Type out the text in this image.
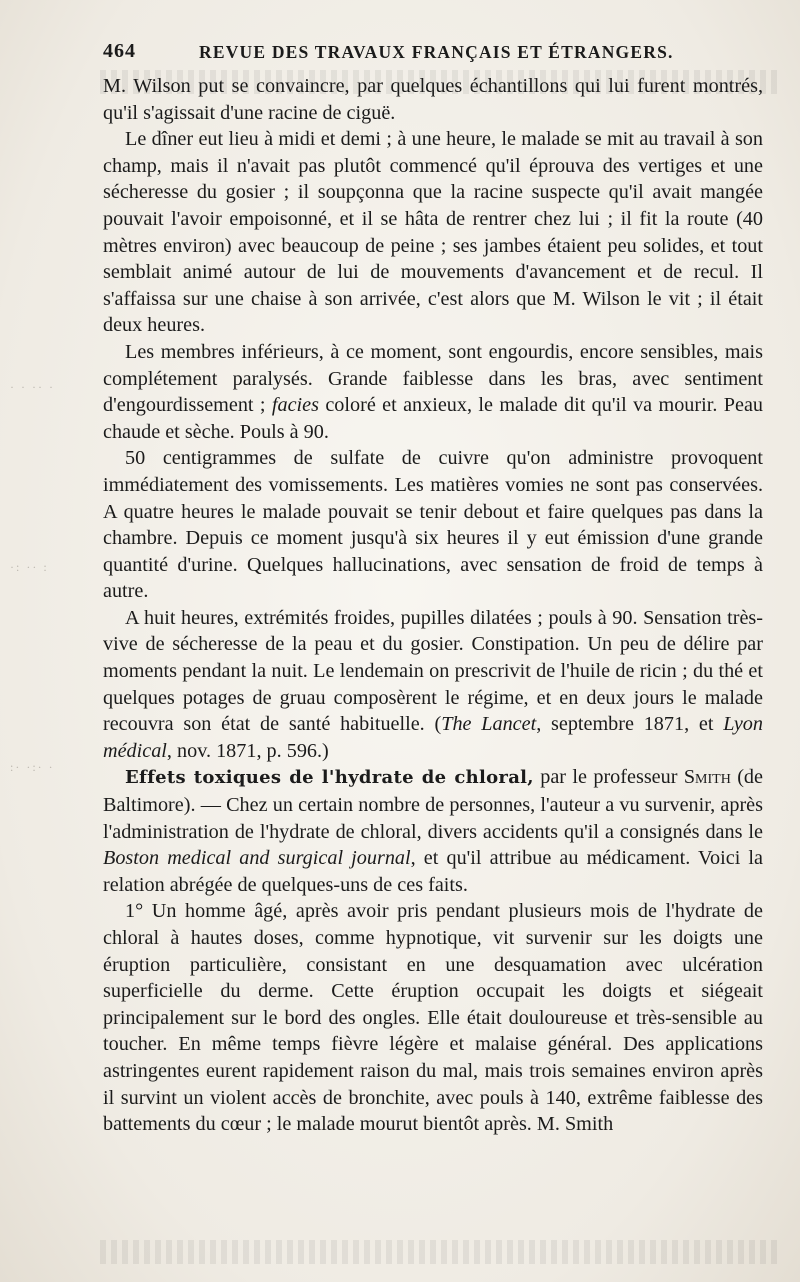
· · ·· ·
·: ·· :
:· ·:· ·
464	REVUE DES TRAVAUX FRANÇAIS ET ÉTRANGERS.

M. Wilson put se convaincre, par quelques échantillons qui lui furent montrés, qu'il s'agissait d'une racine de ciguë.

Le dîner eut lieu à midi et demi ; à une heure, le malade se mit au travail à son champ, mais il n'avait pas plutôt commencé qu'il éprouva des vertiges et une sécheresse du gosier ; il soupçonna que la racine suspecte qu'il avait mangée pouvait l'avoir empoisonné, et il se hâta de rentrer chez lui ; il fit la route (40 mètres environ) avec beaucoup de peine ; ses jambes étaient peu solides, et tout semblait animé autour de lui de mouvements d'avancement et de recul. Il s'affaissa sur une chaise à son arrivée, c'est alors que M. Wilson le vit ; il était deux heures.

Les membres inférieurs, à ce moment, sont engourdis, encore sensibles, mais complétement paralysés. Grande faiblesse dans les bras, avec sentiment d'engourdissement ; facies coloré et anxieux, le malade dit qu'il va mourir. Peau chaude et sèche. Pouls à 90.

50 centigrammes de sulfate de cuivre qu'on administre provoquent immédiatement des vomissements. Les matières vomies ne sont pas conservées. A quatre heures le malade pouvait se tenir debout et faire quelques pas dans la chambre. Depuis ce moment jusqu'à six heures il y eut émission d'une grande quantité d'urine. Quelques hallucinations, avec sensation de froid de temps à autre.

A huit heures, extrémités froides, pupilles dilatées ; pouls à 90. Sensation très-vive de sécheresse de la peau et du gosier. Constipation. Un peu de délire par moments pendant la nuit. Le lendemain on prescrivit de l'huile de ricin ; du thé et quelques potages de gruau composèrent le régime, et en deux jours le malade recouvra son état de santé habituelle. (The Lancet, septembre 1871, et Lyon médical, nov. 1871, p. 596.)

Effets toxiques de l'hydrate de chloral, par le professeur Smith (de Baltimore). — Chez un certain nombre de personnes, l'auteur a vu survenir, après l'administration de l'hydrate de chloral, divers accidents qu'il a consignés dans le Boston medical and surgical journal, et qu'il attribue au médicament. Voici la relation abrégée de quelques-uns de ces faits.

1° Un homme âgé, après avoir pris pendant plusieurs mois de l'hydrate de chloral à hautes doses, comme hypnotique, vit survenir sur les doigts une éruption particulière, consistant en une desquamation avec ulcération superficielle du derme. Cette éruption occupait les doigts et siégeait principalement sur le bord des ongles. Elle était douloureuse et très-sensible au toucher. En même temps fièvre légère et malaise général. Des applications astringentes eurent rapidement raison du mal, mais trois semaines environ après il survint un violent accès de bronchite, avec pouls à 140, extrême faiblesse des battements du cœur ; le malade mourut bientôt après. M. Smith
